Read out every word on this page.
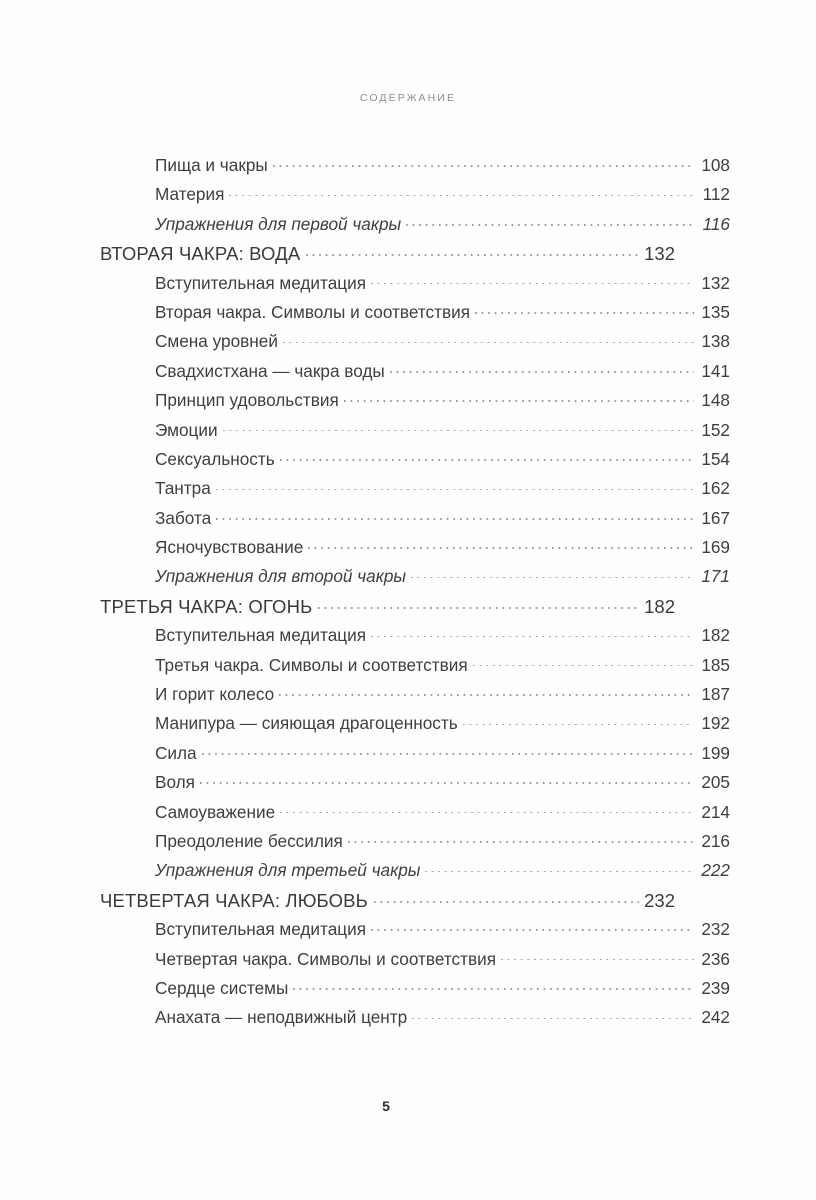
СОДЕРЖАНИЕ
Пища и чакры	108
Материя	112
Упражнения для первой чакры	116
ВТОРАЯ ЧАКРА: ВОДА	132
Вступительная медитация	132
Вторая чакра. Символы и соответствия	135
Смена уровней	138
Свадхистхана — чакра воды	141
Принцип удовольствия	148
Эмоции	152
Сексуальность	154
Тантра	162
Забота	167
Ясночувствование	169
Упражнения для второй чакры	171
ТРЕТЬЯ ЧАКРА: ОГОНЬ	182
Вступительная медитация	182
Третья чакра. Символы и соответствия	185
И горит колесо	187
Манипура — сияющая драгоценность	192
Сила	199
Воля	205
Самоуважение	214
Преодоление бессилия	216
Упражнения для третьей чакры	222
ЧЕТВЕРТАЯ ЧАКРА: ЛЮБОВЬ	232
Вступительная медитация	232
Четвертая чакра. Символы и соответствия	236
Сердце системы	239
Анахата — неподвижный центр	242
5
